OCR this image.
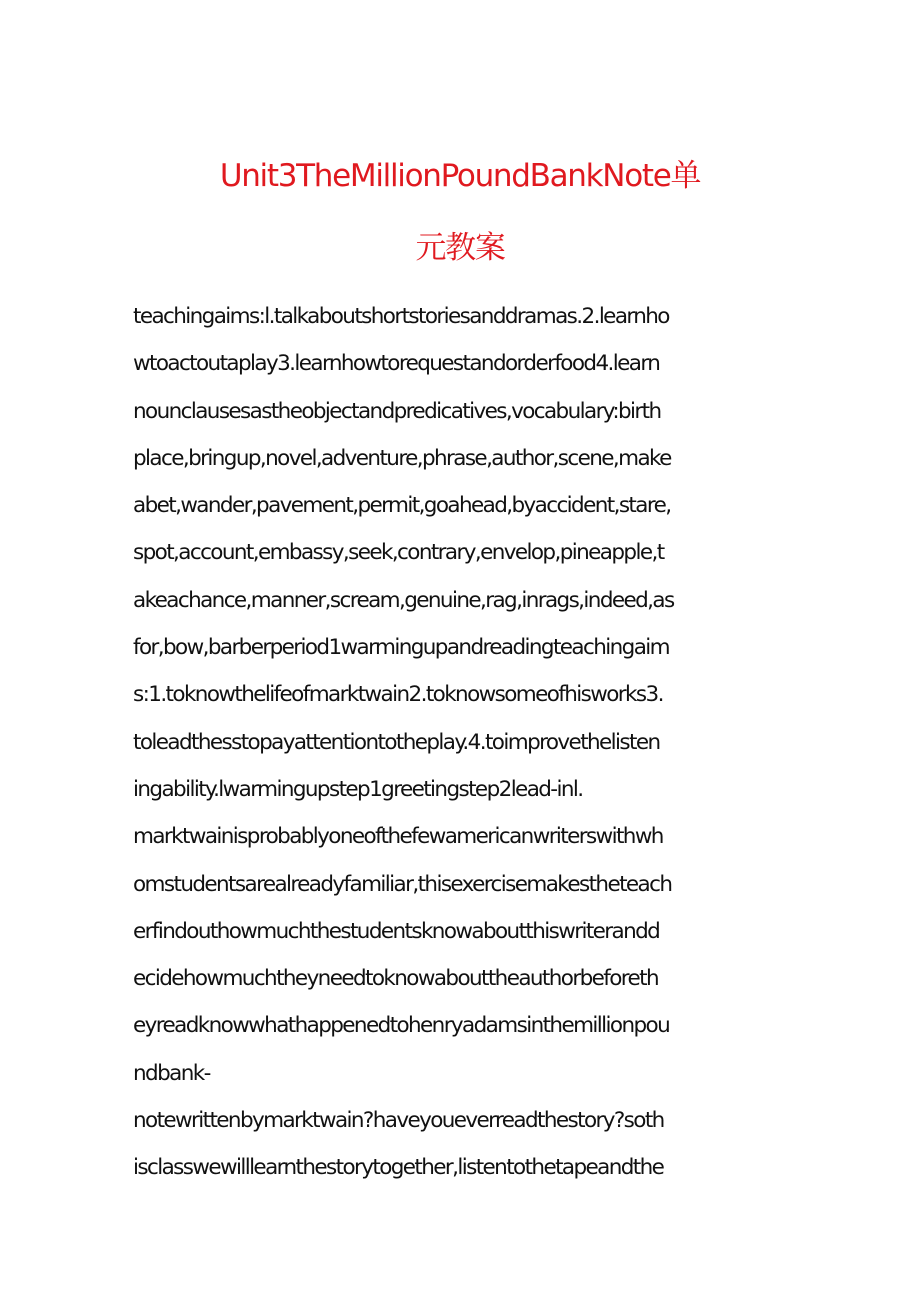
Unit3TheMillionPoundBankNote单
元教案
teachingaims:l.talkaboutshortstoriesanddramas.2.learnho
wtoactoutaplay3.learnhowtorequestandorderfood4.learn
nounclausesastheobjectandpredicatives,vocabulary:birth
place,bringup,novel,adventure,phrase,author,scene,make
abet,wander,pavement,permit,goahead,byaccident,stare,
spot,account,embassy,seek,contrary,envelop,pineapple,t
akeachance,manner,scream,genuine,rag,inrags,indeed,as
for,bow,barberperiod1warmingupandreadingteachingaim
s:1.toknowthelifeofmarktwain2.toknowsomeofhisworks3.
toleadthesstopayattentiontotheplay.4.toimprovethelisten
ingability.lwarmingupstep1greetingstep2lead-inl.
marktwainisprobablyoneofthefewamericanwriterswithwh
omstudentsarealreadyfamiliar,thisexercisemakestheteach
erfindouthowmuchthestudentsknowaboutthiswriterandd
ecidehowmuchtheyneedtoknowabouttheauthorbeforeth
eyreadknowwhathappenedtohenryadamsinthemillionpou
ndbank-
notewrittenbymarktwain?haveyoueverreadthestory?soth
isclasswewilllearnthestorytogether,listentothetapeandthe
